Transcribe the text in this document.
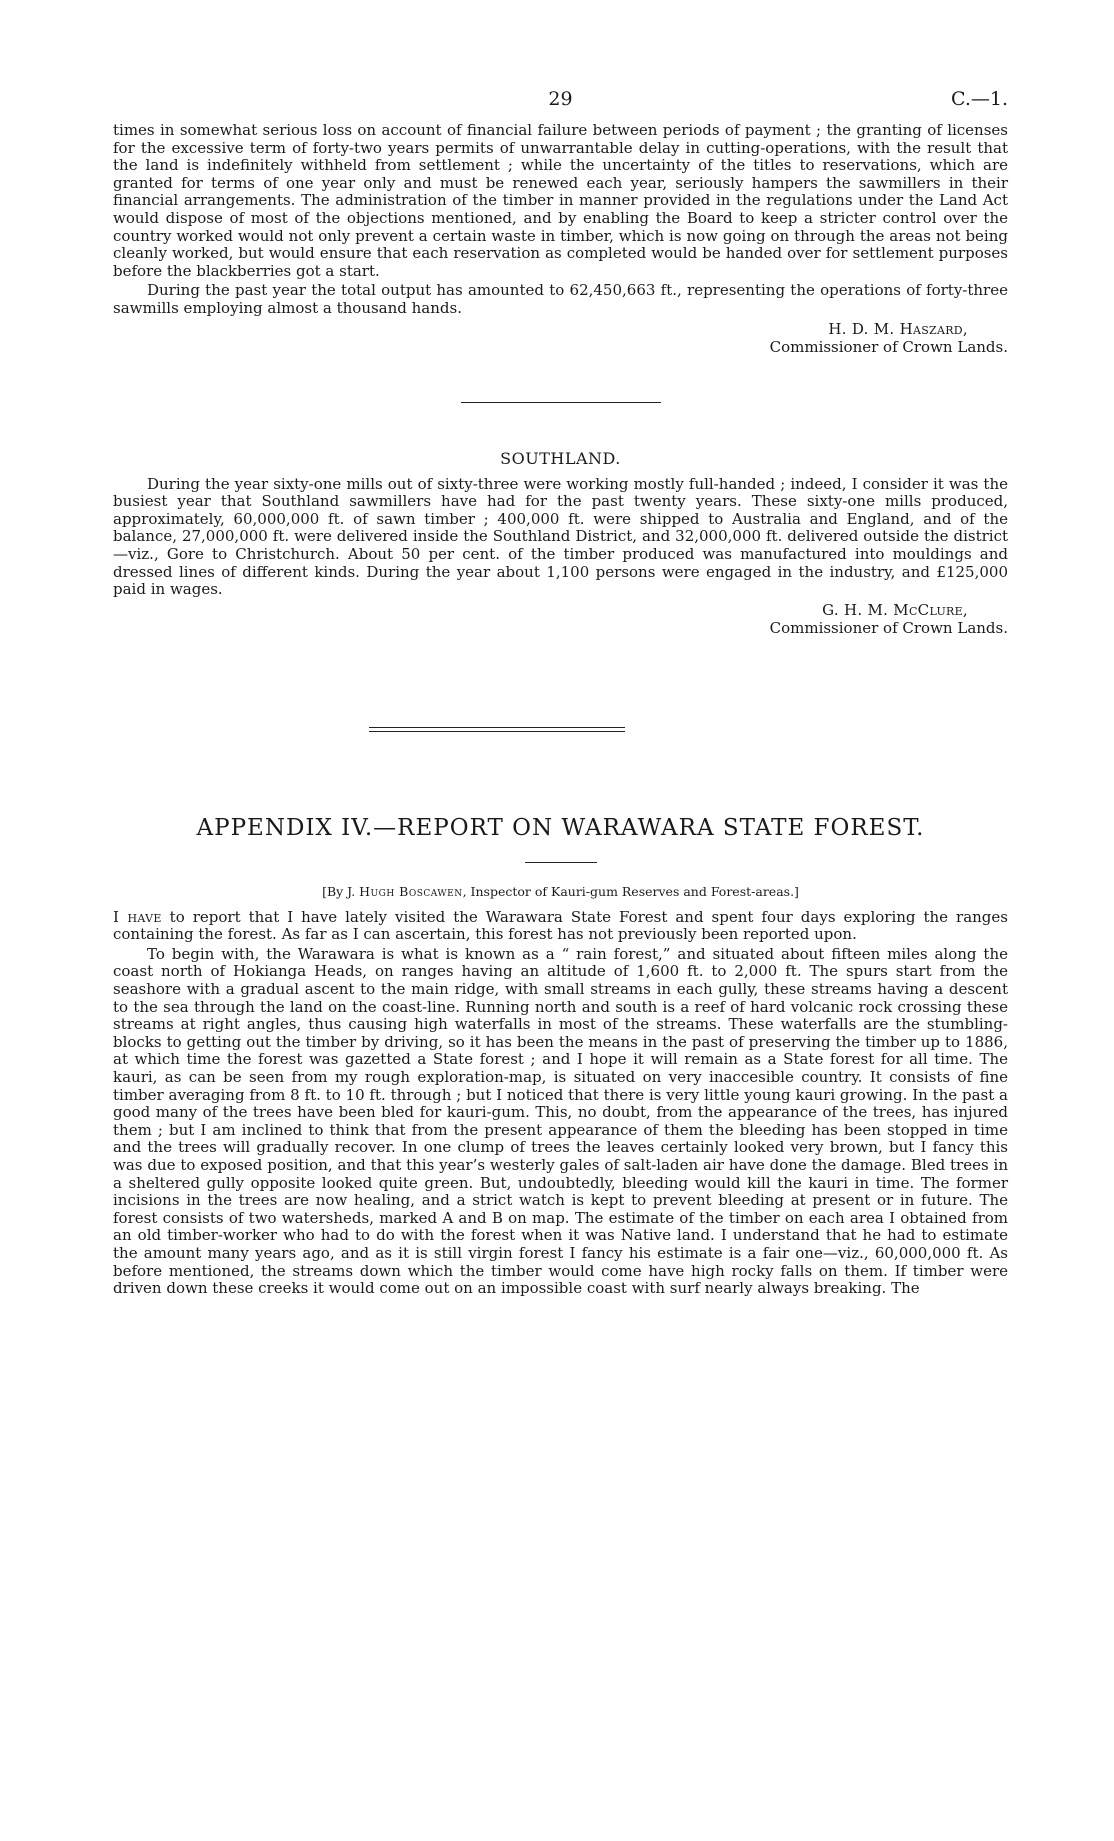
29	C.—1.

times in somewhat serious loss on account of financial failure between periods of payment ; the granting of licenses for the excessive term of forty-two years permits of unwarrantable delay in cutting-operations, with the result that the land is indefinitely withheld from settlement ; while the uncertainty of the titles to reservations, which are granted for terms of one year only and must be renewed each year, seriously hampers the sawmillers in their financial arrangements. The administration of the timber in manner provided in the regulations under the Land Act would dispose of most of the objections mentioned, and by enabling the Board to keep a stricter control over the country worked would not only prevent a certain waste in timber, which is now going on through the areas not being cleanly worked, but would ensure that each reservation as completed would be handed over for settlement purposes before the blackberries got a start.

During the past year the total output has amounted to 62,450,663 ft., representing the operations of forty-three sawmills employing almost a thousand hands.

H. D. M. Haszard,
Commissioner of Crown Lands.
SOUTHLAND.

During the year sixty-one mills out of sixty-three were working mostly full-handed ; indeed, I consider it was the busiest year that Southland sawmillers have had for the past twenty years. These sixty-one mills produced, approximately, 60,000,000 ft. of sawn timber ; 400,000 ft. were shipped to Australia and England, and of the balance, 27,000,000 ft. were delivered inside the Southland District, and 32,000,000 ft. delivered outside the district—viz., Gore to Christchurch. About 50 per cent. of the timber produced was manufactured into mouldings and dressed lines of different kinds. During the year about 1,100 persons were engaged in the industry, and £125,000 paid in wages.

G. H. M. McClure,
Commissioner of Crown Lands.
APPENDIX IV.—REPORT ON WARAWARA STATE FOREST.
[By J. Hugh Boscawen, Inspector of Kauri-gum Reserves and Forest-areas.]

I have to report that I have lately visited the Warawara State Forest and spent four days exploring the ranges containing the forest. As far as I can ascertain, this forest has not previously been reported upon.

To begin with, the Warawara is what is known as a “ rain forest,” and situated about fifteen miles along the coast north of Hokianga Heads, on ranges having an altitude of 1,600 ft. to 2,000 ft. The spurs start from the seashore with a gradual ascent to the main ridge, with small streams in each gully, these streams having a descent to the sea through the land on the coast-line. Running north and south is a reef of hard volcanic rock crossing these streams at right angles, thus causing high waterfalls in most of the streams. These waterfalls are the stumbling-blocks to getting out the timber by driving, so it has been the means in the past of preserving the timber up to 1886, at which time the forest was gazetted a State forest ; and I hope it will remain as a State forest for all time. The kauri, as can be seen from my rough exploration-map, is situated on very inaccesible country. It consists of fine timber averaging from 8 ft. to 10 ft. through ; but I noticed that there is very little young kauri growing. In the past a good many of the trees have been bled for kauri-gum. This, no doubt, from the appearance of the trees, has injured them ; but I am inclined to think that from the present appearance of them the bleeding has been stopped in time and the trees will gradually recover. In one clump of trees the leaves certainly looked very brown, but I fancy this was due to exposed position, and that this year’s westerly gales of salt-laden air have done the damage. Bled trees in a sheltered gully opposite looked quite green. But, undoubtedly, bleeding would kill the kauri in time. The former incisions in the trees are now healing, and a strict watch is kept to prevent bleeding at present or in future. The forest consists of two watersheds, marked A and B on map. The estimate of the timber on each area I obtained from an old timber-worker who had to do with the forest when it was Native land. I understand that he had to estimate the amount many years ago, and as it is still virgin forest I fancy his estimate is a fair one—viz., 60,000,000 ft. As before mentioned, the streams down which the timber would come have high rocky falls on them. If timber were driven down these creeks it would come out on an impossible coast with surf nearly always breaking. The
